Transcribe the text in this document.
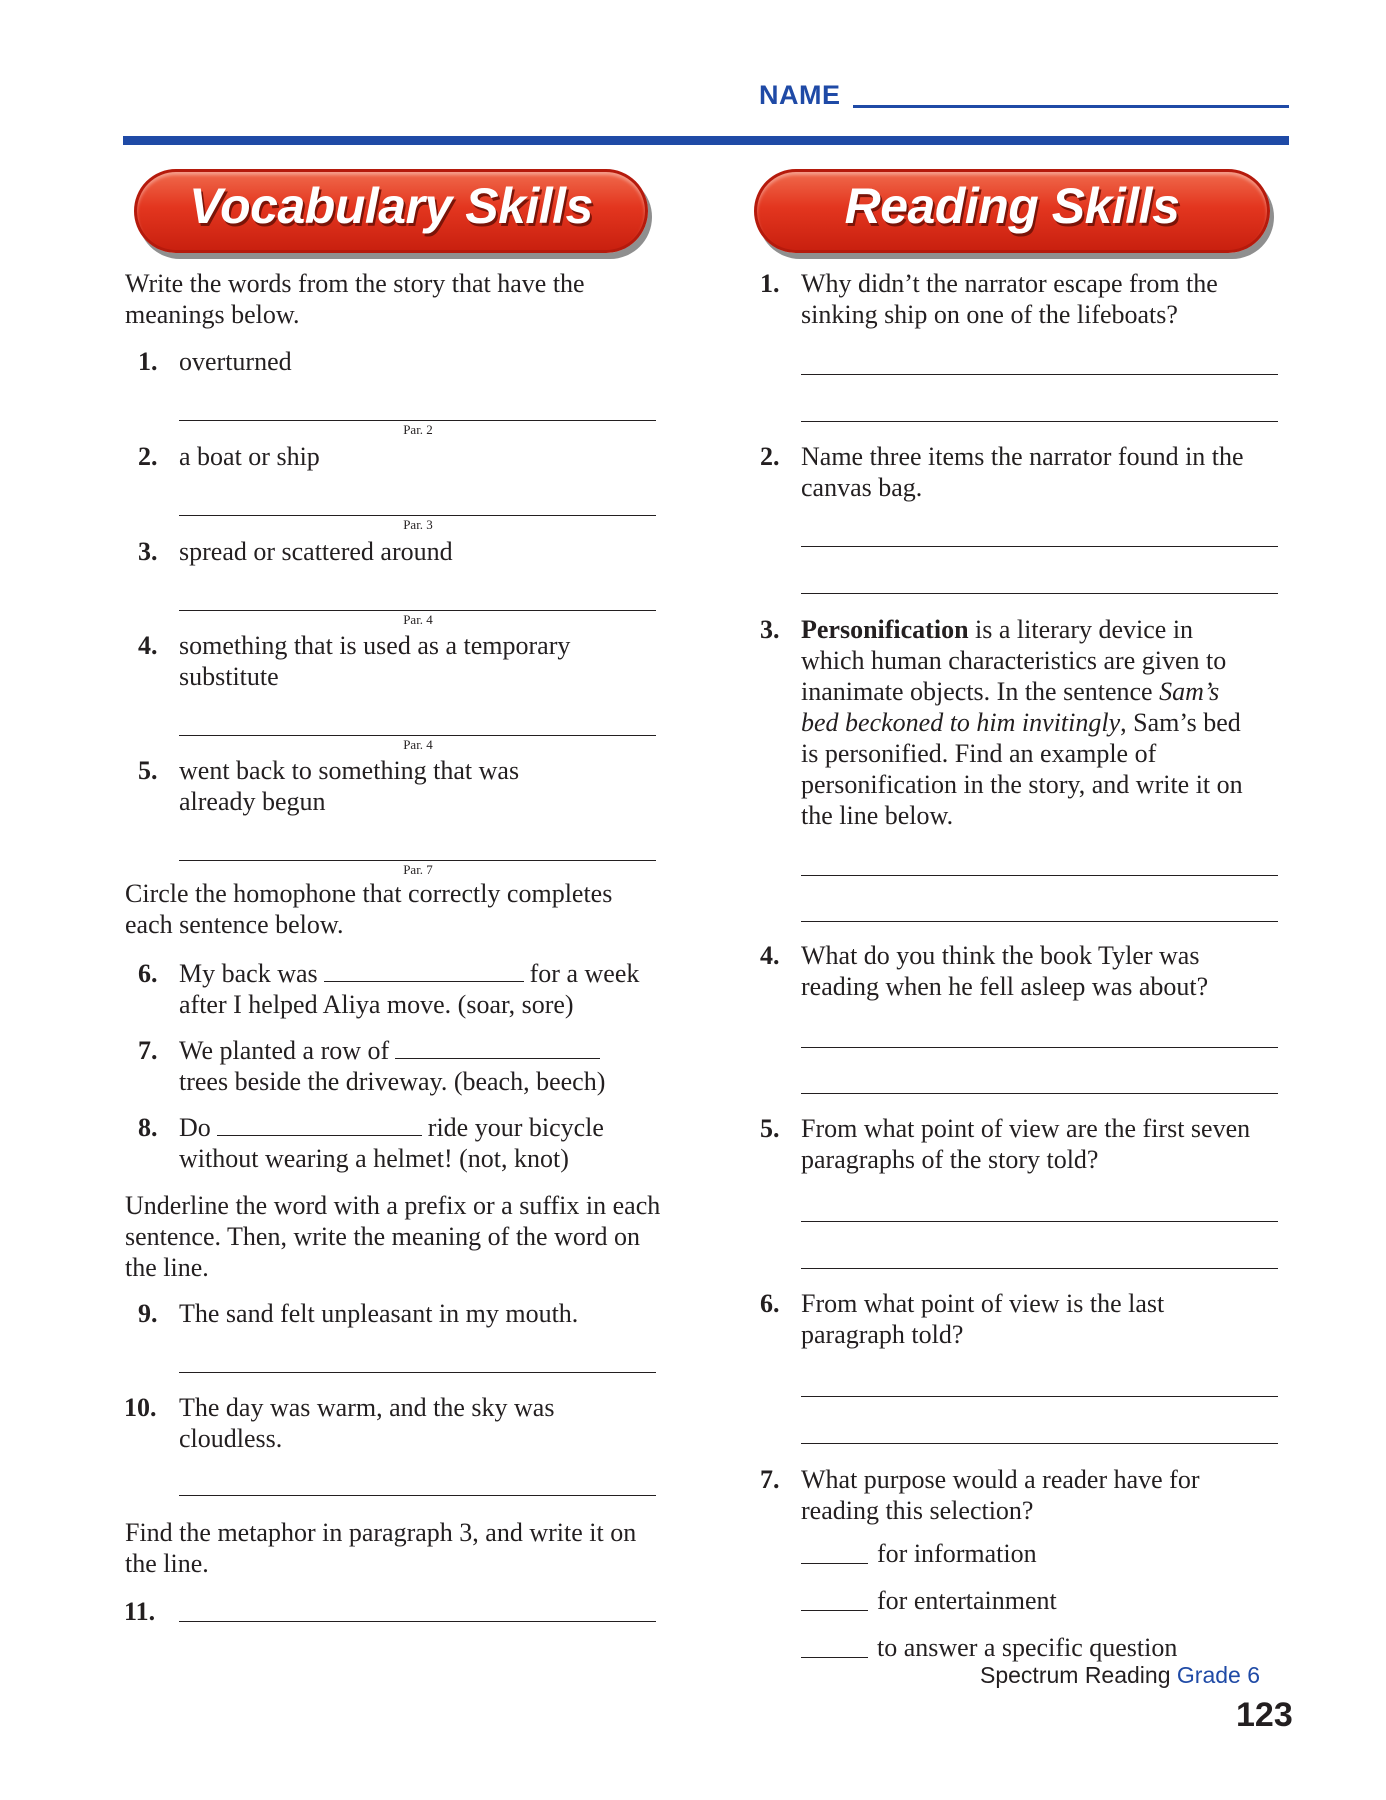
NAME
Vocabulary Skills	Reading Skills
Write the words from the story that have the meanings below.
1. overturned
Par. 2
2. a boat or ship
Par. 3
3. spread or scattered around
Par. 4
4. something that is used as a temporary
substitute
Par. 4
5. went back to something that was
already begun
Par. 7
Circle the homophone that correctly completes each sentence below.
6. My back was	for a week
after I helped Aliya move. (soar, sore)
7. We planted a row of
trees beside the driveway. (beach, beech)
8. Do	ride your bicycle
without wearing a helmet! (not, knot)
Underline the word with a prefix or a suffix in each sentence. Then, write the meaning of the word on the line.
9. The sand felt unpleasant in my mouth.
10. The day was warm, and the sky was
cloudless.
Find the metaphor in paragraph 3, and write it on the line.
11.
1. Why didn’t the narrator escape from the
sinking ship on one of the lifeboats?
2. Name three items the narrator found in the
canvas bag.
3. Personification is a literary device in
which human characteristics are given to
inanimate objects. In the sentence Sam’s
bed beckoned to him invitingly, Sam’s bed
is personified. Find an example of
personification in the story, and write it on
the line below.
4. What do you think the book Tyler was
reading when he fell asleep was about?
5. From what point of view are the first seven
paragraphs of the story told?
6. From what point of view is the last
paragraph told?
7. What purpose would a reader have for
reading this selection?
for information
for entertainment
to answer a specific question
Spectrum Reading Grade 6
123
